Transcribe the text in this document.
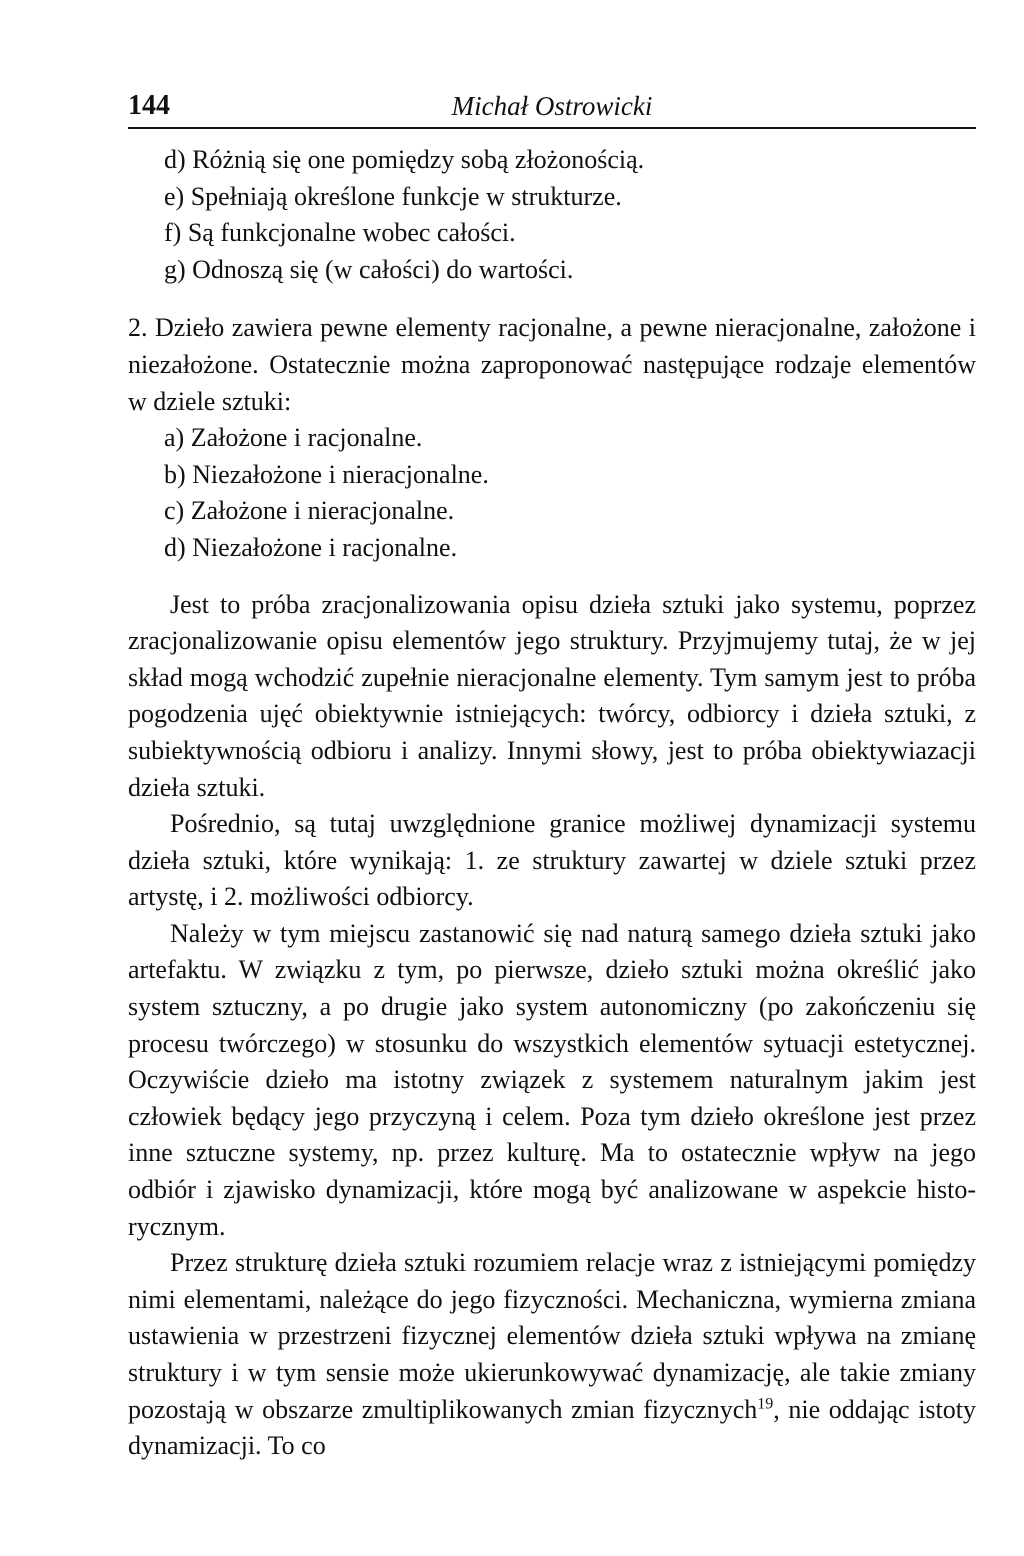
144	Michał Ostrowicki
d) Różnią się one pomiędzy sobą złożonością.
e) Spełniają określone funkcje w strukturze.
f) Są funkcjonalne wobec całości.
g) Odnoszą się (w całości) do wartości.

2. Dzieło zawiera pewne elementy racjonalne, a pewne nieracjonalne, założone i niezałożone. Ostatecznie można zaproponować następujące rodzaje elementów w dziele sztuki:

a) Założone i racjonalne.
b) Niezałożone i nieracjonalne.
c) Założone i nieracjonalne.
d) Niezałożone i racjonalne.

Jest to próba zracjonalizowania opisu dzieła sztuki jako systemu, poprzez zracjonalizowanie opisu elementów jego struktury. Przyjmujemy tutaj, że w jej skład mogą wchodzić zupełnie nieracjonalne elementy. Tym samym jest to próba pogodzenia ujęć obiektywnie istniejących: twórcy, odbiorcy i dzieła sztuki, z subiektywnością odbioru i analizy. Innymi słowy, jest to próba obiektywiazacji dzieła sztuki.

Pośrednio, są tutaj uwzględnione granice możliwej dynamizacji systemu dzieła sztuki, które wynikają: 1. ze struktury zawartej w dziele sztuki przez artystę, i 2. możliwości odbiorcy.

Należy w tym miejscu zastanowić się nad naturą samego dzieła sztuki jako artefaktu. W związku z tym, po pierwsze, dzieło sztuki można określić jako system sztuczny, a po drugie jako system autonomiczny (po zakończeniu się procesu twórczego) w stosunku do wszystkich elementów sytuacji estetycznej. Oczywiście dzieło ma istotny związek z systemem naturalnym jakim jest człowiek będący jego przyczyną i celem. Poza tym dzieło określone jest przez inne sztuczne systemy, np. przez kulturę. Ma to ostatecznie wpływ na jego odbiór i zjawisko dynamizacji, które mogą być analizowane w aspekcie historycznym.

Przez strukturę dzieła sztuki rozumiem relacje wraz z istniejącymi pomiędzy nimi elementami, należące do jego fizyczności. Mechaniczna, wymierna zmiana ustawienia w przestrzeni fizycznej elementów dzieła sztuki wpływa na zmianę struktury i w tym sensie może ukierunkowywać dynamizację, ale takie zmiany pozostają w obszarze zmultiplikowanych zmian fizycznych$^{19}$, nie oddając istoty dynamizacji. To co
